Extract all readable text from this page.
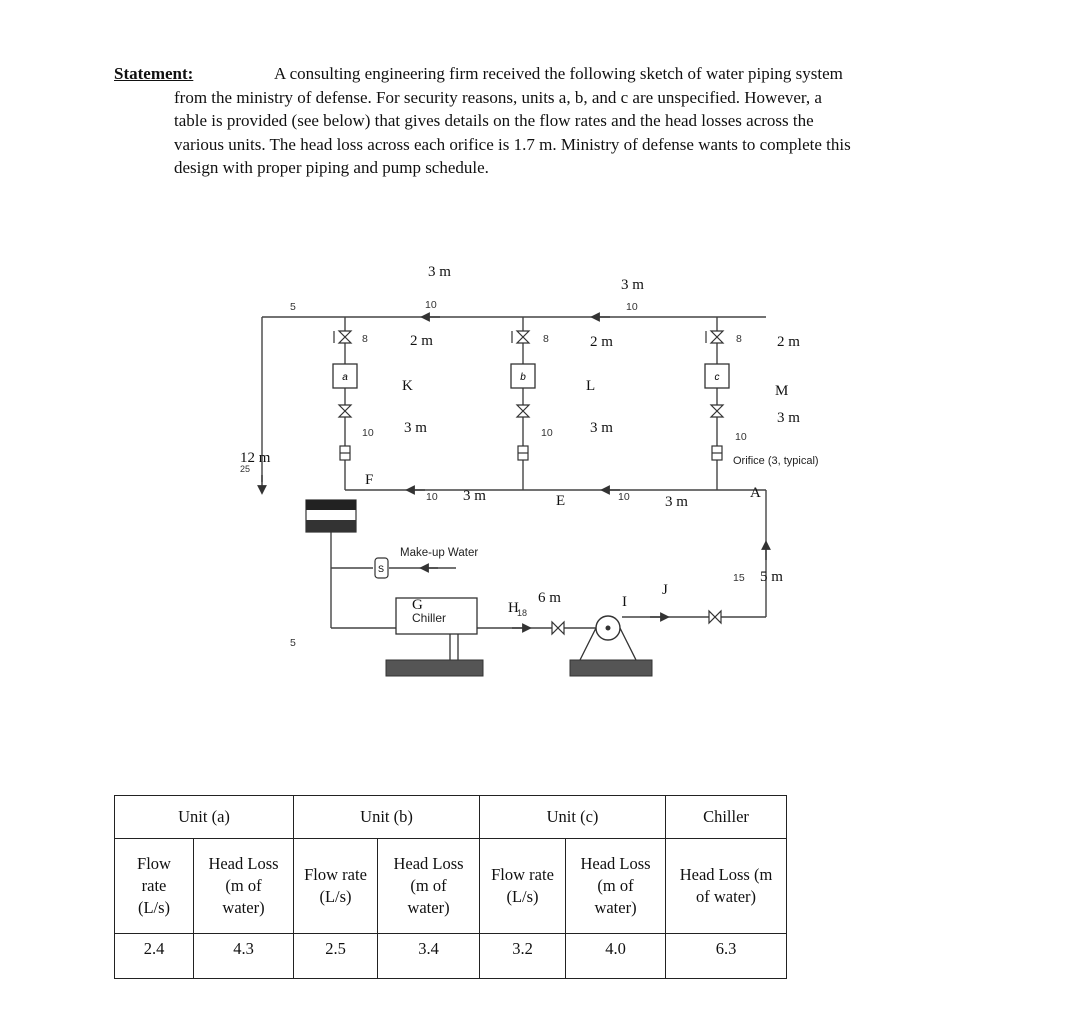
Statement:	A consulting engineering firm received the following sketch of water piping system
from the ministry of defense. For security reasons, units a, b, and c are unspecified. However, a
table is provided (see below) that gives details on the flow rates and the head losses across the
various units. The head loss across each orifice is 1.7 m. Ministry of defense wants to complete this
design with proper piping and pump schedule.
a	b	c
S
3 m
3 m
2 m	2 m	2 m
3 m	3 m
3 m
3 m	3 m
12 m
5 m
6 m
K	L	M
F
E	A
G	H	I
J
Chiller
Make-up Water
Orifice (3, typical)
5	10	10
8	8	8
10	10	10
10	10
25
5
18
15
Unit (a)		Unit (b)		Unit (c)		Chiller
Flow
rate
(L/s)	Head Loss
(m of
water)	Flow rate
(L/s)	Head Loss
(m of
water)	Flow rate
(L/s)	Head Loss
(m of
water)	Head Loss (m
of water)
2.4	4.3	2.5	3.4	3.2	4.0	6.3
